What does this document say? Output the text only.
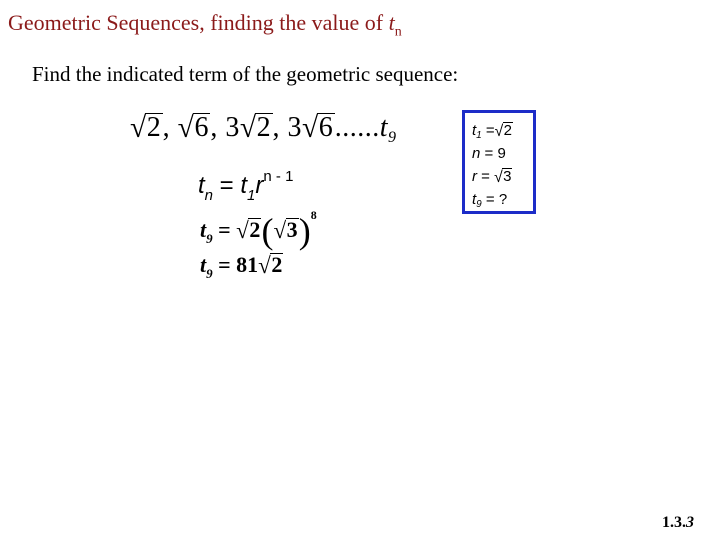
Geometric Sequences, finding the value of $t_n$
Find the indicated term of the geometric sequence:
√ 2, √ 6, 3 √ 2, 3 √ $6......t_9$
$t_n = t_1r^{n - 1}$
$t_9$ = √ 2( √ 3)$^8$
$t_9 = 81$ √ 2
$t_1$ = √ 2
n = 9
r = √ 3
$t_9$ = ?
1.3.3
